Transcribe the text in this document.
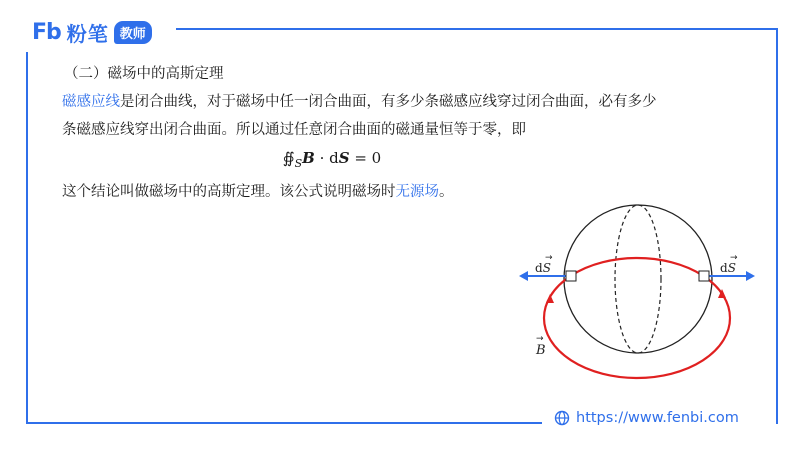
Fb 粉笔 教师
（二）磁场中的高斯定理
磁感应线是闭合曲线，对于磁场中任一闭合曲面，有多少条磁感应线穿过闭合曲面，必有多少
条磁感应线穿出闭合曲面。所以通过任意闭合曲面的磁通量恒等于零，即
$∯_SB$ · dS = 0
这个结论叫做磁场中的高斯定理。该公式说明磁场时无源场。
dS	dS
→	→
B
→
https://www.fenbi.com
